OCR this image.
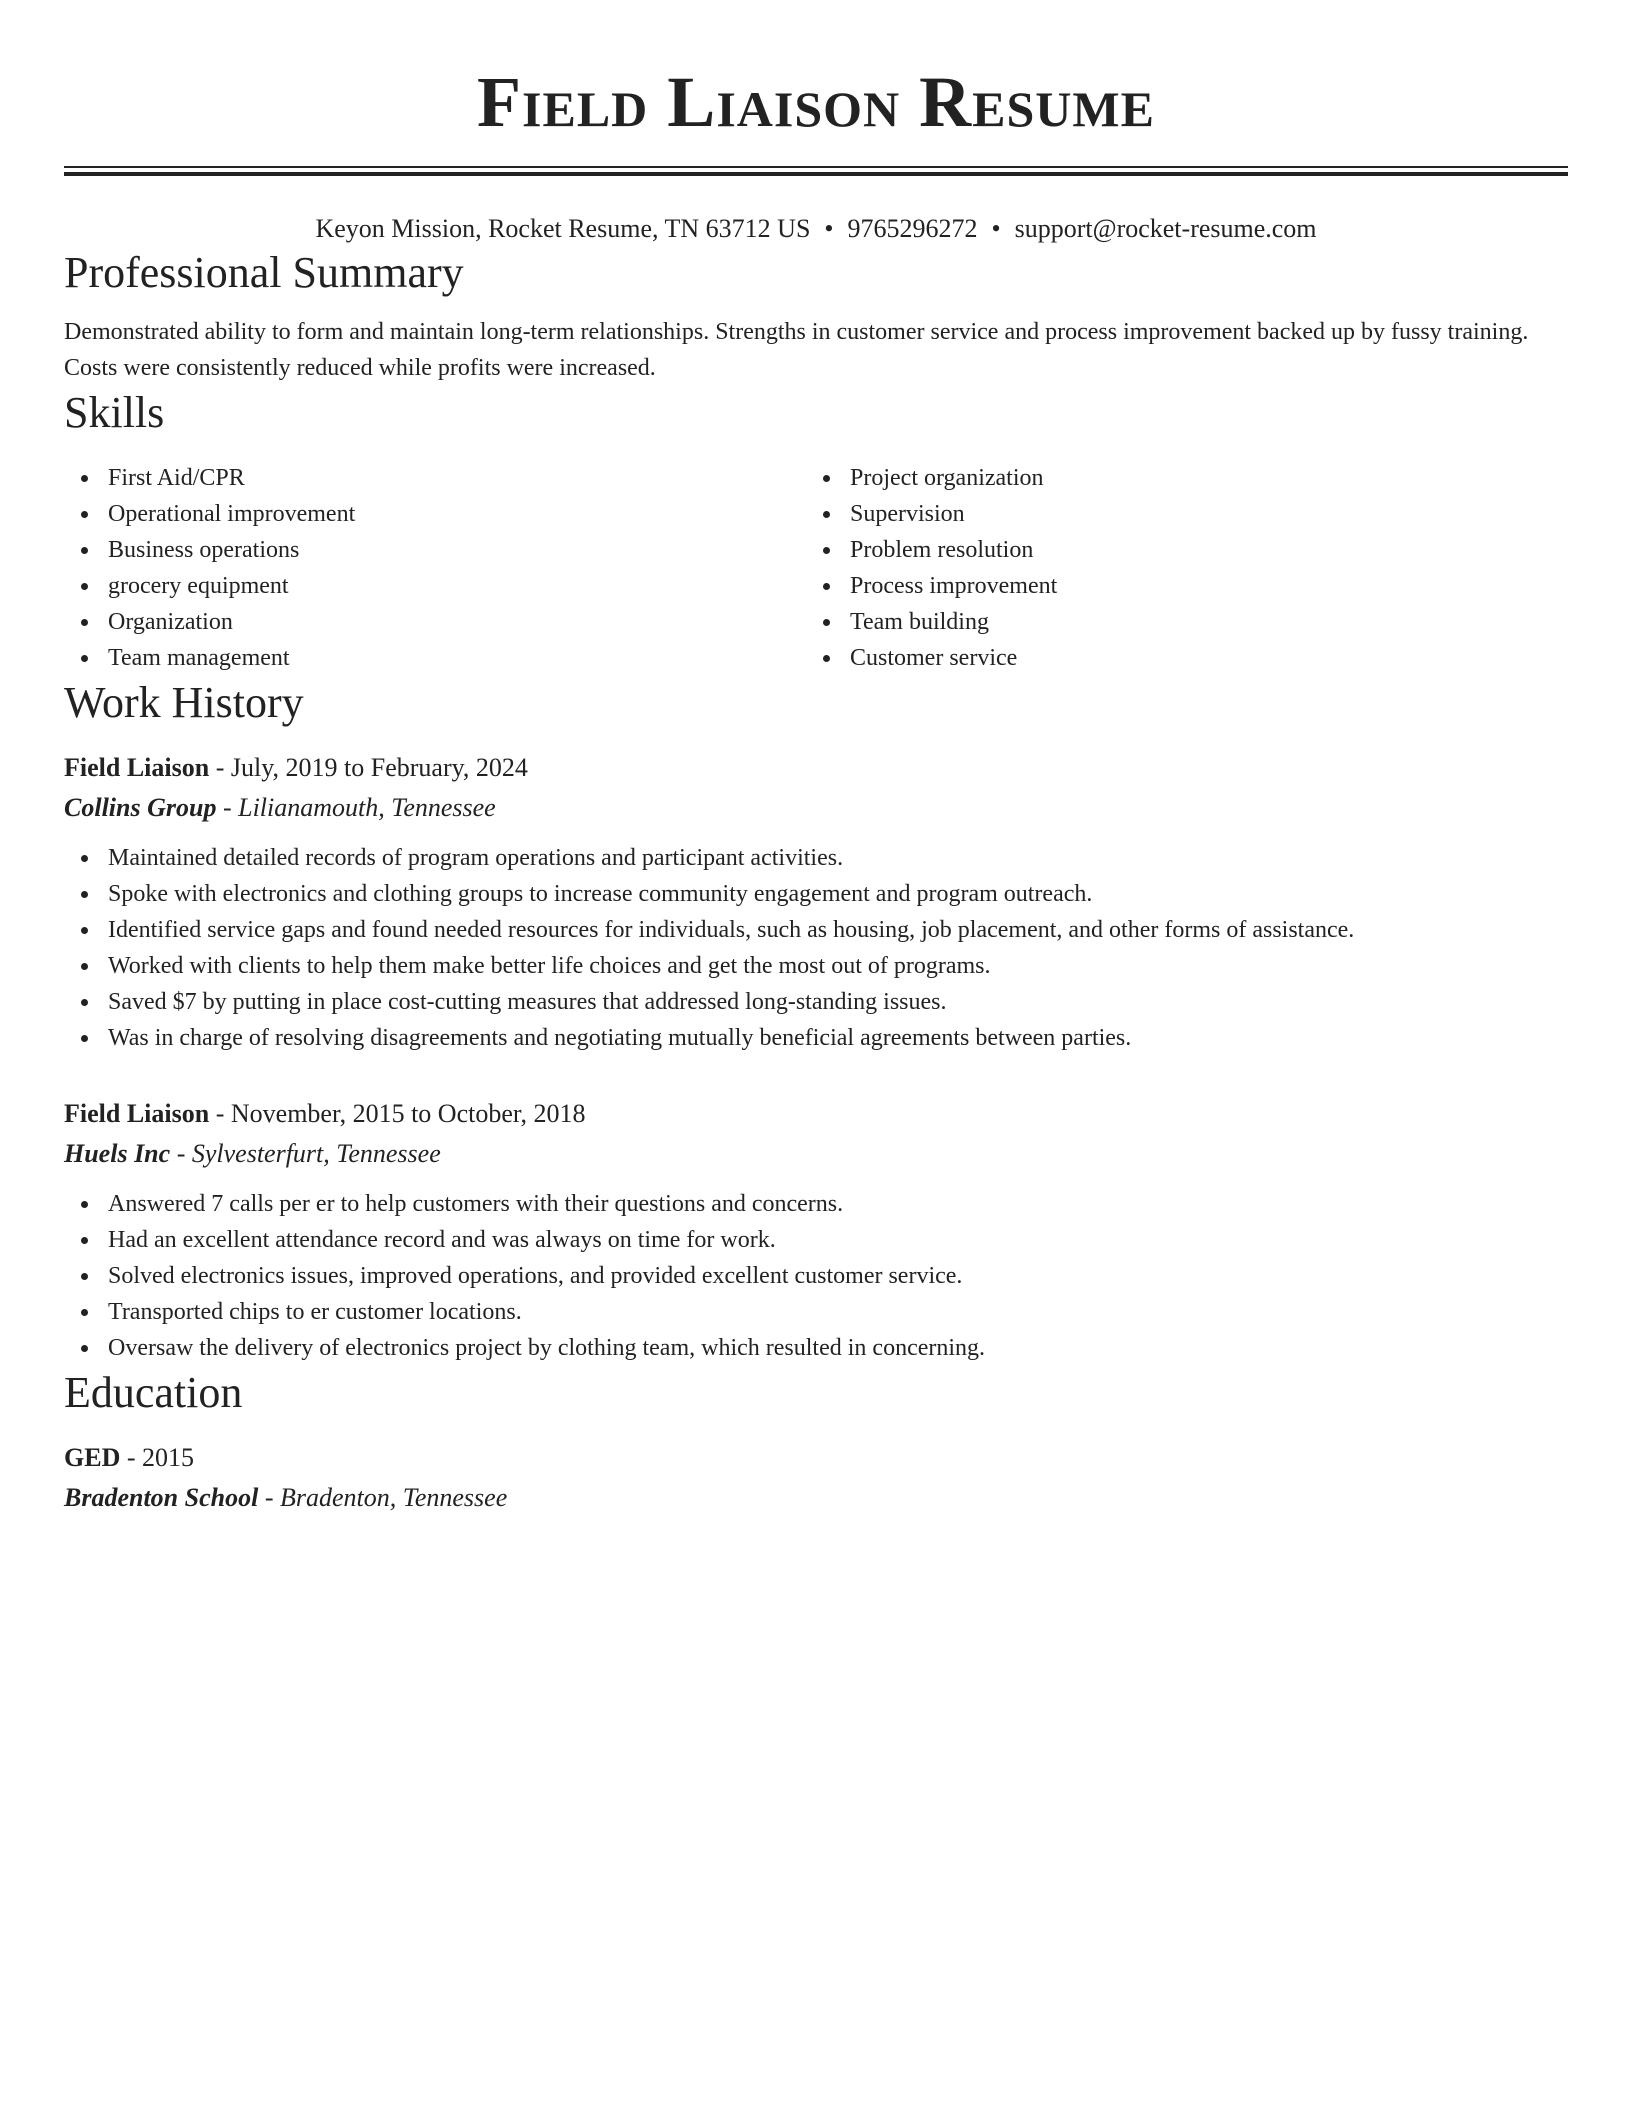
Field Liaison Resume
Keyon Mission, Rocket Resume, TN 63712 US • 9765296272 • support@rocket-resume.com
Professional Summary

Demonstrated ability to form and maintain long-term relationships. Strengths in customer service and process improvement backed up by fussy training. Costs were consistently reduced while profits were increased.

Skills
First Aid/CPR
Operational improvement
Business operations
grocery equipment
Organization
Team management
Project organization
Supervision
Problem resolution
Process improvement
Team building
Customer service
Work History
Field Liaison - July, 2019 to February, 2024
Collins Group - Lilianamouth, Tennessee
Maintained detailed records of program operations and participant activities.
Spoke with electronics and clothing groups to increase community engagement and program outreach.
Identified service gaps and found needed resources for individuals, such as housing, job placement, and other forms of assistance.
Worked with clients to help them make better life choices and get the most out of programs.
Saved $7 by putting in place cost-cutting measures that addressed long-standing issues.
Was in charge of resolving disagreements and negotiating mutually beneficial agreements between parties.
Field Liaison - November, 2015 to October, 2018
Huels Inc - Sylvesterfurt, Tennessee
Answered 7 calls per er to help customers with their questions and concerns.
Had an excellent attendance record and was always on time for work.
Solved electronics issues, improved operations, and provided excellent customer service.
Transported chips to er customer locations.
Oversaw the delivery of electronics project by clothing team, which resulted in concerning.
Education
GED - 2015
Bradenton School - Bradenton, Tennessee
